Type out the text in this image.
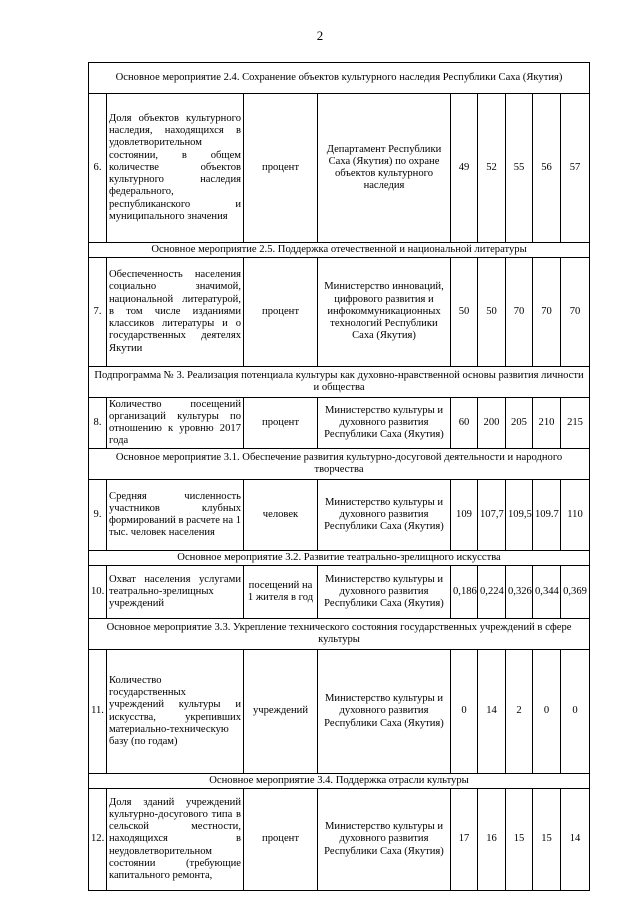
2
Основное мероприятие 2.4. Сохранение объектов культурного наследия Республики Саха (Якутия)								
6.	Доля объектов культурного наследия, находящихся в удовлетворительном состоянии, в общем количестве объектов культурного наследия федерального, республиканского и муниципального значения	процент	Департамент Республики Саха (Якутия) по охране объектов культурного наследия	49	52	55	56	57
Основное мероприятие 2.5. Поддержка отечественной и национальной литературы								
7.	Обеспеченность населения социально значимой, национальной литературой, в том числе изданиями классиков литературы и о государственных деятелях Якутии	процент	Министерство инноваций, цифрового развития и инфокоммуникационных технологий Республики Саха (Якутия)	50	50	70	70	70
Подпрограмма № 3. Реализация потенциала культуры как духовно-нравственной основы развития личности и общества								
8.	Количество посещений организаций культуры по отношению к уровню 2017 года	процент	Министерство культуры и духовного развития Республики Саха (Якутия)	60	200	205	210	215
Основное мероприятие 3.1. Обеспечение развития культурно-досуговой деятельности и народного творчества								
9.	Средняя численность участников клубных формирований в расчете на 1 тыс. человек населения	человек	Министерство культуры и духовного развития Республики Саха (Якутия)	109	107,7	109,5	109.7	110
Основное мероприятие 3.2. Развитие театрально-зрелищного искусства								
10.	Охват населения услугами театрально-зрелищных учреждений	посещений на 1 жителя в год	Министерство культуры и духовного развития Республики Саха (Якутия)	0,186	0,224	0,326	0,344	0,369
Основное мероприятие 3.3. Укрепление технического состояния государственных учреждений в сфере культуры								
11.	Количество государственных учреждений культуры и искусства, укрепивших материально-техническую базу (по годам)	учреждений	Министерство культуры и духовного развития Республики Саха (Якутия)	0	14	2	0	0
Основное мероприятие 3.4. Поддержка отрасли культуры								
12.	Доля зданий учреждений культурно-досугового типа в сельской местности, находящихся в неудовлетворительном состоянии (требующие капитального ремонта,	процент	Министерство культуры и духовного развития Республики Саха (Якутия)	17	16	15	15	14
